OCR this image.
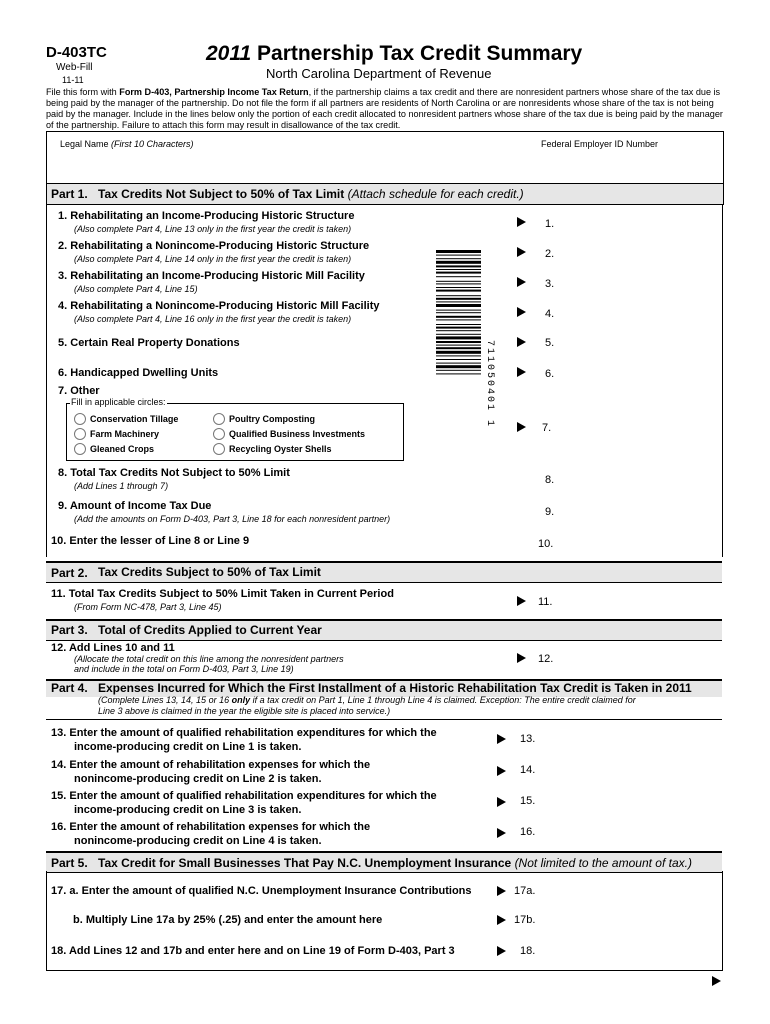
D-403TC
Web-Fill
11-11
2011 Partnership Tax Credit Summary
North Carolina Department of Revenue
File this form with Form D-403, Partnership Income Tax Return, if the partnership claims a tax credit and there are nonresident partners whose share of the tax due is being paid by the manager of the partnership. Do not file the form if all partners are residents of North Carolina or are nonresidents whose share of the tax is not being paid by the manager. Include in the lines below only the portion of each credit allocated to nonresident partners whose share of the tax due is being paid by the manager of the partnership. Failure to attach this form may result in disallowance of the tax credit.
Legal Name (First 10 Characters)	Federal Employer ID Number
Part 1. Tax Credits Not Subject to 50% of Tax Limit (Attach schedule for each credit.)
1. Rehabilitating an Income-Producing Historic Structure
(Also complete Part 4, Line 13 only in the first year the credit is taken)	1.
2. Rehabilitating a Nonincome-Producing Historic Structure
(Also complete Part 4, Line 14 only in the first year the credit is taken)	2.
3. Rehabilitating an Income-Producing Historic Mill Facility
(Also complete Part 4, Line 15)	3.
4. Rehabilitating a Nonincome-Producing Historic Mill Facility
(Also complete Part 4, Line 16 only in the first year the credit is taken)	4.
5. Certain Real Property Donations	5.
6. Handicapped Dwelling Units	6.
7. Other
Fill in applicable circles:
Conservation Tillage
Farm Machinery
Gleaned Crops
Poultry Composting
Qualified Business Investments
Recycling Oyster Shells
7.
711050401 1
8. Total Tax Credits Not Subject to 50% Limit
(Add Lines 1 through 7)	8.
9. Amount of Income Tax Due
(Add the amounts on Form D-403, Part 3, Line 18 for each nonresident partner)
9.
10. Enter the lesser of Line 8 or Line 9	10.
Part 2. Tax Credits Subject to 50% of Tax Limit
11. Total Tax Credits Subject to 50% Limit Taken in Current Period
(From Form NC-478, Part 3, Line 45)	11.
Part 3. Total of Credits Applied to Current Year
12. Add Lines 10 and 11
(Allocate the total credit on this line among the nonresident partners
and include in the total on Form D-403, Part 3, Line 19)
12.
Part 4. Expenses Incurred for Which the First Installment of a Historic Rehabilitation Tax Credit is Taken in 2011
(Complete Lines 13, 14, 15 or 16 only if a tax credit on Part 1, Line 1 through Line 4 is claimed. Exception: The entire credit claimed for
Line 3 above is claimed in the year the eligible site is placed into service.)
13. Enter the amount of qualified rehabilitation expenditures for which the
income-producing credit on Line 1 is taken.
13.
14. Enter the amount of rehabilitation expenses for which the
nonincome-producing credit on Line 2 is taken.
14.
15. Enter the amount of qualified rehabilitation expenditures for which the
income-producing credit on Line 3 is taken.
15.
16. Enter the amount of rehabilitation expenses for which the
nonincome-producing credit on Line 4 is taken.
16.
Part 5. Tax Credit for Small Businesses That Pay N.C. Unemployment Insurance (Not limited to the amount of tax.)
17. a. Enter the amount of qualified N.C. Unemployment Insurance Contributions	17a.
b. Multiply Line 17a by 25% (.25) and enter the amount here	17b.
18. Add Lines 12 and 17b and enter here and on Line 19 of Form D-403, Part 3	18.
